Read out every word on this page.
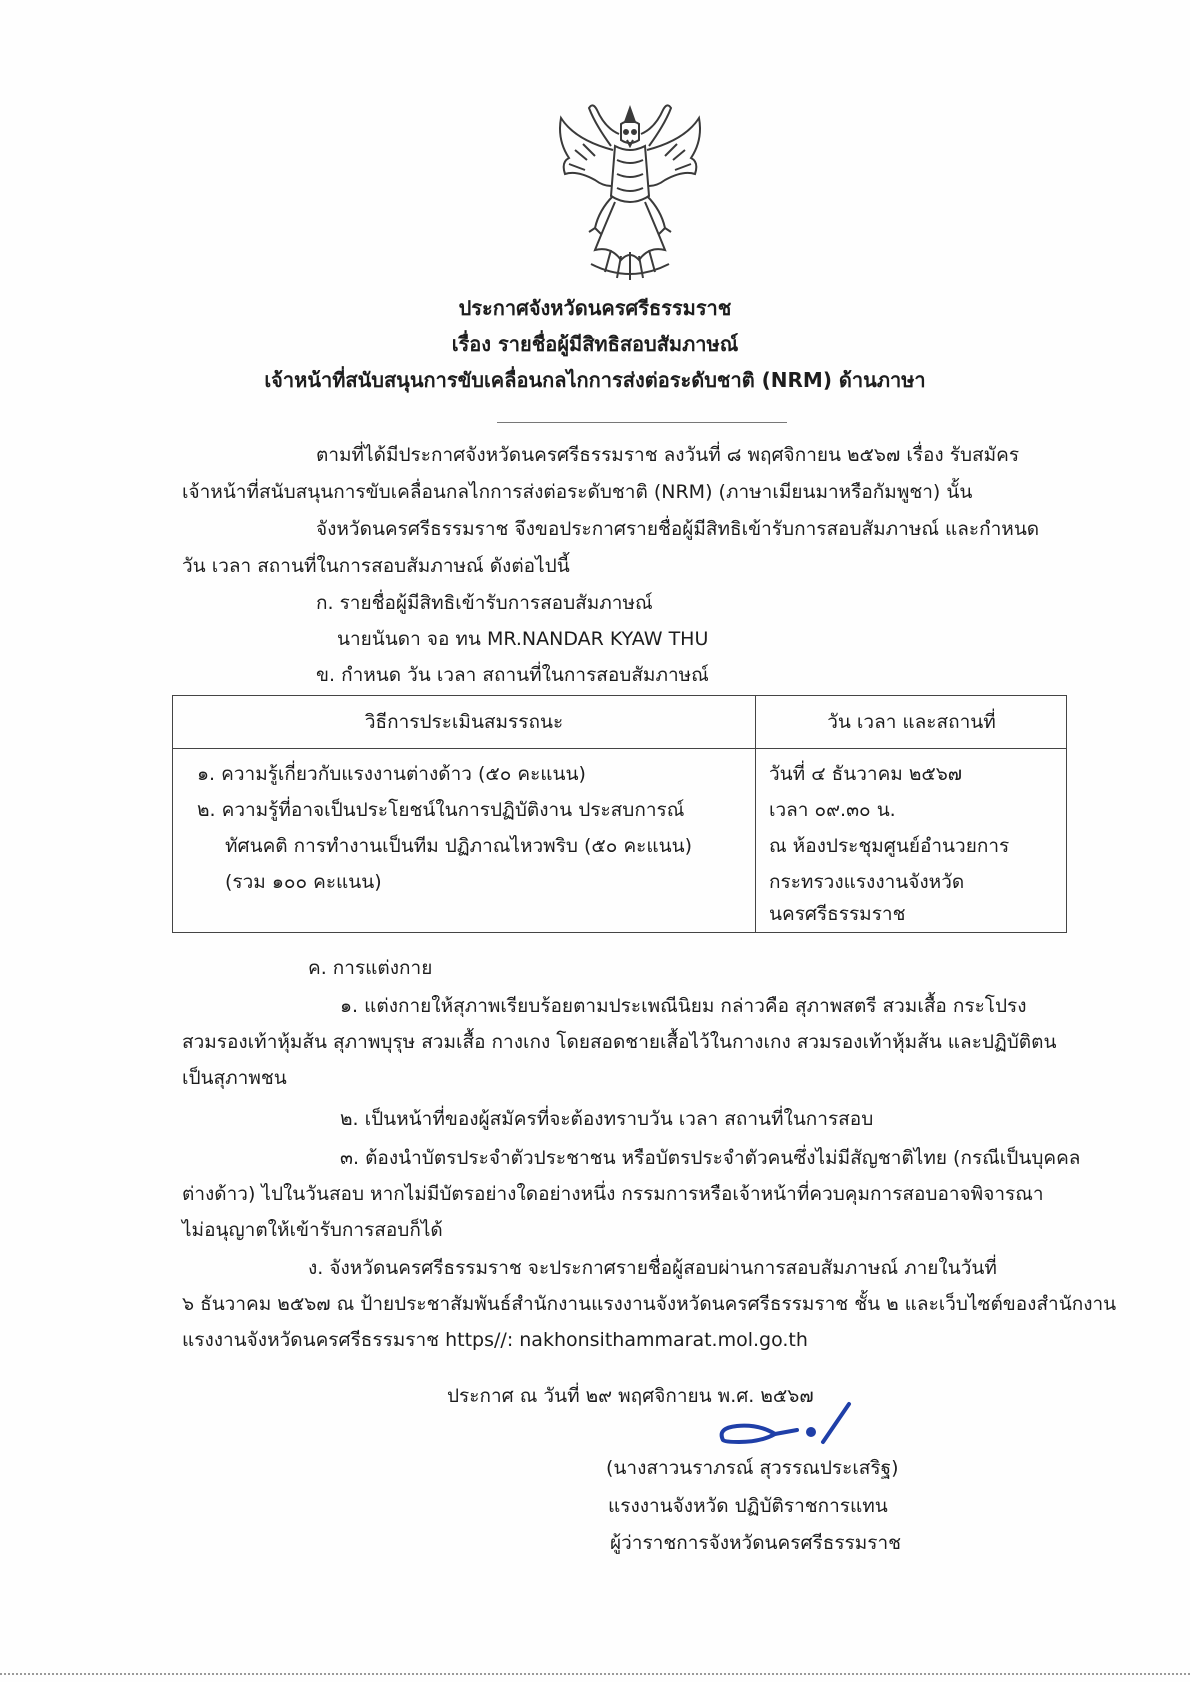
ประกาศจังหวัดนครศรีธรรมราช
เรื่อง รายชื่อผู้มีสิทธิสอบสัมภาษณ์
เจ้าหน้าที่สนับสนุนการขับเคลื่อนกลไกการส่งต่อระดับชาติ (NRM) ด้านภาษา
ตามที่ได้มีประกาศจังหวัดนครศรีธรรมราช ลงวันที่ ๘ พฤศจิกายน ๒๕๖๗ เรื่อง รับสมัคร
เจ้าหน้าที่สนับสนุนการขับเคลื่อนกลไกการส่งต่อระดับชาติ (NRM) (ภาษาเมียนมาหรือกัมพูชา) นั้น
จังหวัดนครศรีธรรมราช จึงขอประกาศรายชื่อผู้มีสิทธิเข้ารับการสอบสัมภาษณ์ และกำหนด
วัน เวลา สถานที่ในการสอบสัมภาษณ์ ดังต่อไปนี้
ก. รายชื่อผู้มีสิทธิเข้ารับการสอบสัมภาษณ์
นายนันดา จอ ทน MR.NANDAR KYAW THU
ข. กำหนด วัน เวลา สถานที่ในการสอบสัมภาษณ์
วิธีการประเมินสมรรถนะ	วัน เวลา และสถานที่
๑. ความรู้เกี่ยวกับแรงงานต่างด้าว (๕๐ คะแนน)
๒. ความรู้ที่อาจเป็นประโยชน์ในการปฏิบัติงาน ประสบการณ์
ทัศนคติ การทำงานเป็นทีม ปฏิภาณไหวพริบ (๕๐ คะแนน)
(รวม ๑๐๐ คะแนน)
วันที่ ๔ ธันวาคม ๒๕๖๗
เวลา ๐๙.๓๐ น.
ณ ห้องประชุมศูนย์อำนวยการ
กระทรวงแรงงานจังหวัด
นครศรีธรรมราช
ค. การแต่งกาย
๑. แต่งกายให้สุภาพเรียบร้อยตามประเพณีนิยม กล่าวคือ สุภาพสตรี สวมเสื้อ กระโปรง
สวมรองเท้าหุ้มส้น สุภาพบุรุษ สวมเสื้อ กางเกง โดยสอดชายเสื้อไว้ในกางเกง สวมรองเท้าหุ้มส้น และปฏิบัติตน
เป็นสุภาพชน
๒. เป็นหน้าที่ของผู้สมัครที่จะต้องทราบวัน เวลา สถานที่ในการสอบ
๓. ต้องนำบัตรประจำตัวประชาชน หรือบัตรประจำตัวคนซึ่งไม่มีสัญชาติไทย (กรณีเป็นบุคคล
ต่างด้าว) ไปในวันสอบ หากไม่มีบัตรอย่างใดอย่างหนึ่ง กรรมการหรือเจ้าหน้าที่ควบคุมการสอบอาจพิจารณา
ไม่อนุญาตให้เข้ารับการสอบก็ได้
ง. จังหวัดนครศรีธรรมราช จะประกาศรายชื่อผู้สอบผ่านการสอบสัมภาษณ์ ภายในวันที่
๖ ธันวาคม ๒๕๖๗ ณ ป้ายประชาสัมพันธ์สำนักงานแรงงานจังหวัดนครศรีธรรมราช ชั้น ๒ และเว็บไซต์ของสำนักงาน
แรงงานจังหวัดนครศรีธรรมราช https//: nakhonsithammarat.mol.go.th
ประกาศ ณ วันที่ ๒๙ พฤศจิกายน พ.ศ. ๒๕๖๗
(นางสาวนราภรณ์ สุวรรณประเสริฐ)
แรงงานจังหวัด ปฏิบัติราชการแทน
ผู้ว่าราชการจังหวัดนครศรีธรรมราช
